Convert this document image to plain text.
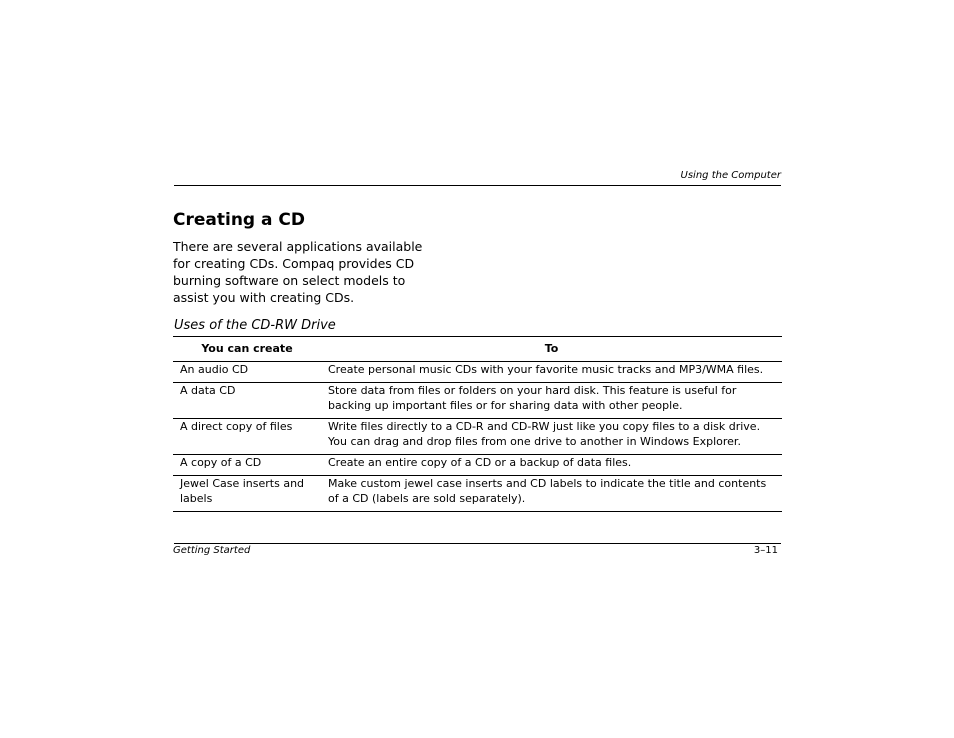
Using the Computer
Creating a CD

There are several applications available for creating CDs. Compaq provides CD burning software on select models to assist you with creating CDs.

Uses of the CD-RW Drive
You can create	To
An audio CD	Create personal music CDs with your favorite music tracks and MP3/WMA files.
A data CD	Store data from files or folders on your hard disk. This feature is useful for backing up important files or for sharing data with other people.
A direct copy of files	Write files directly to a CD-R and CD-RW just like you copy files to a disk drive. You can drag and drop files from one drive to another in Windows Explorer.
A copy of a CD	Create an entire copy of a CD or a backup of data files.
Jewel Case inserts and labels	Make custom jewel case inserts and CD labels to indicate the title and contents of a CD (labels are sold separately).
Getting Started	3–11
